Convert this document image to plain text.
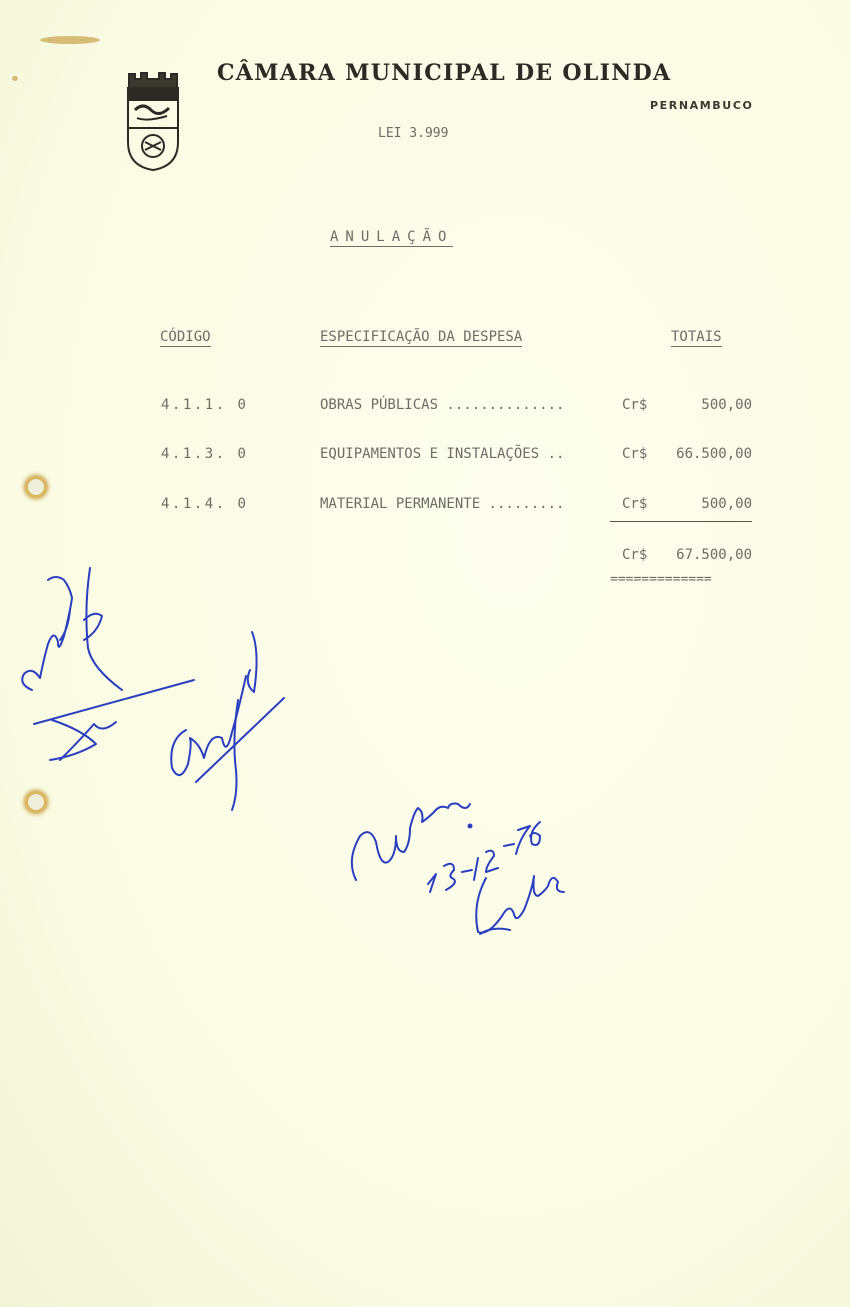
CÂMARA MUNICIPAL DE OLINDA
PERNAMBUCO
LEI 3.999
ANULAÇÃO
CÓDIGO	ESPECIFICAÇÃO DA DESPESA	TOTAIS
4.1.1. 0	OBRAS PÚBLICAS ..............	Cr$	500,00
4.1.3. 0	EQUIPAMENTOS E INSTALAÇÕES ..	Cr$	66.500,00
4.1.4. 0	MATERIAL PERMANENTE .........	Cr$	500,00
Cr$	67.500,00
=============
